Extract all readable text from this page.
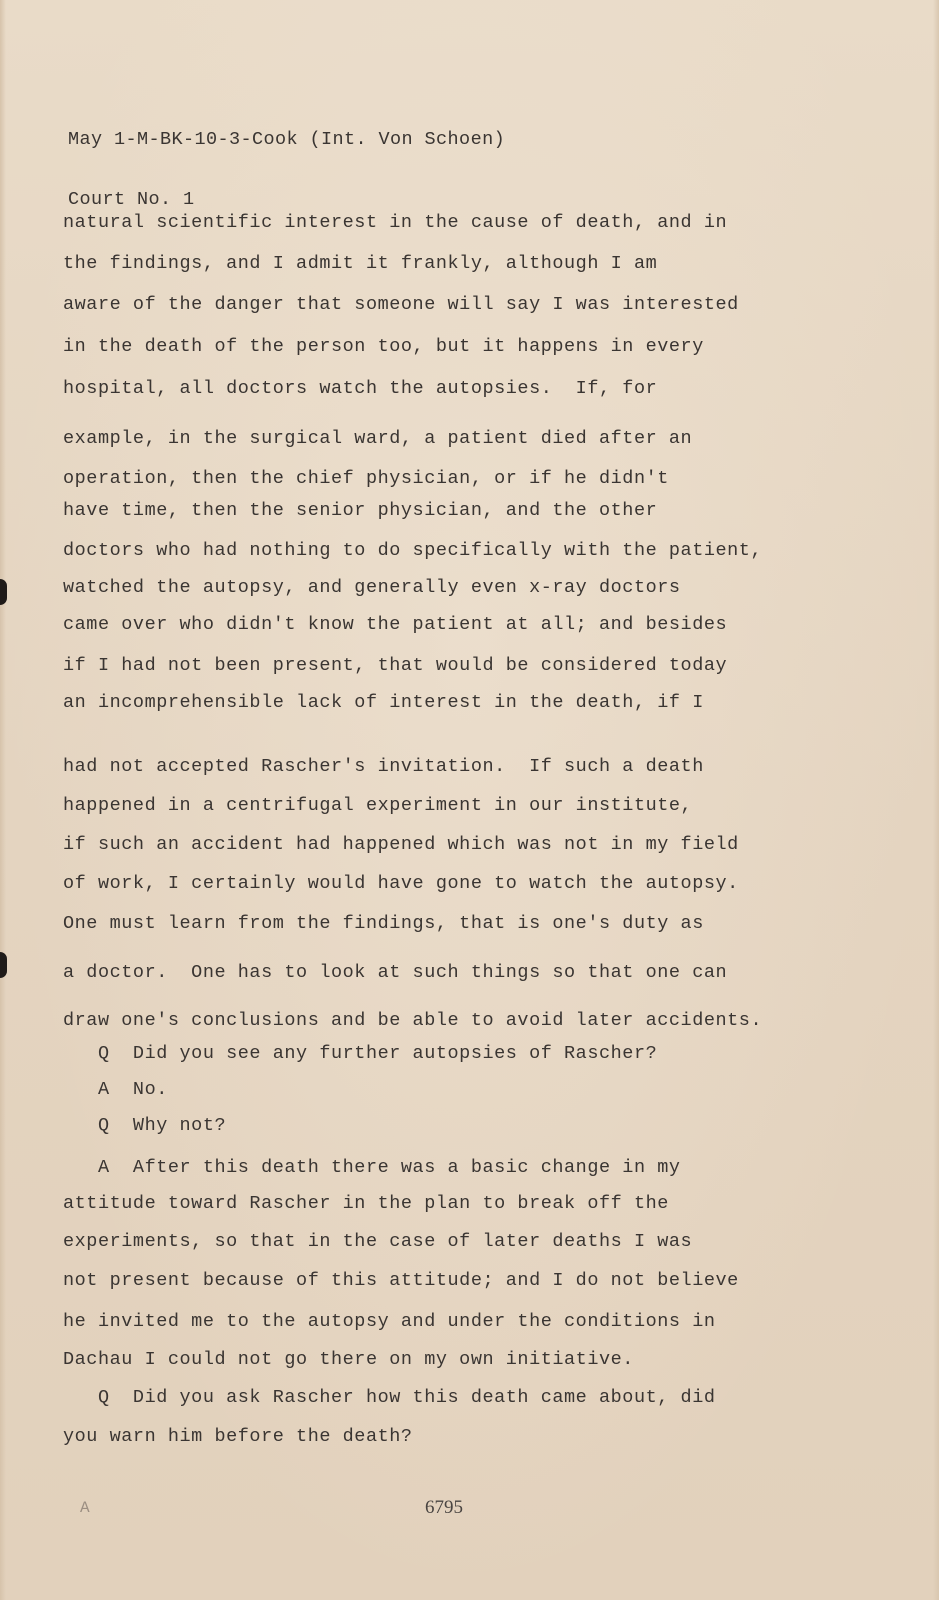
May 1-M-BK-10-3-Cook (Int. Von Schoen)

Court No. 1

natural scientific interest in the cause of death, and in
the findings, and I admit it frankly, although I am
aware of the danger that someone will say I was interested
in the death of the person too, but it happens in every
hospital, all doctors watch the autopsies.  If, for
example, in the surgical ward, a patient died after an
operation, then the chief physician, or if he didn't
have time, then the senior physician, and the other
doctors who had nothing to do specifically with the patient,
watched the autopsy, and generally even x-ray doctors
came over who didn't know the patient at all; and besides
if I had not been present, that would be considered today
an incomprehensible lack of interest in the death, if I
had not accepted Rascher's invitation.  If such a death
happened in a centrifugal experiment in our institute,
if such an accident had happened which was not in my field
of work, I certainly would have gone to watch the autopsy.
One must learn from the findings, that is one's duty as
a doctor.  One has to look at such things so that one can
draw one's conclusions and be able to avoid later accidents.
Q  Did you see any further autopsies of Rascher?
A  No.
Q  Why not?
A  After this death there was a basic change in my
attitude toward Rascher in the plan to break off the
experiments, so that in the case of later deaths I was
not present because of this attitude; and I do not believe
he invited me to the autopsy and under the conditions in
Dachau I could not go there on my own initiative.
Q  Did you ask Rascher how this death came about, did
you warn him before the death?
A	6795
